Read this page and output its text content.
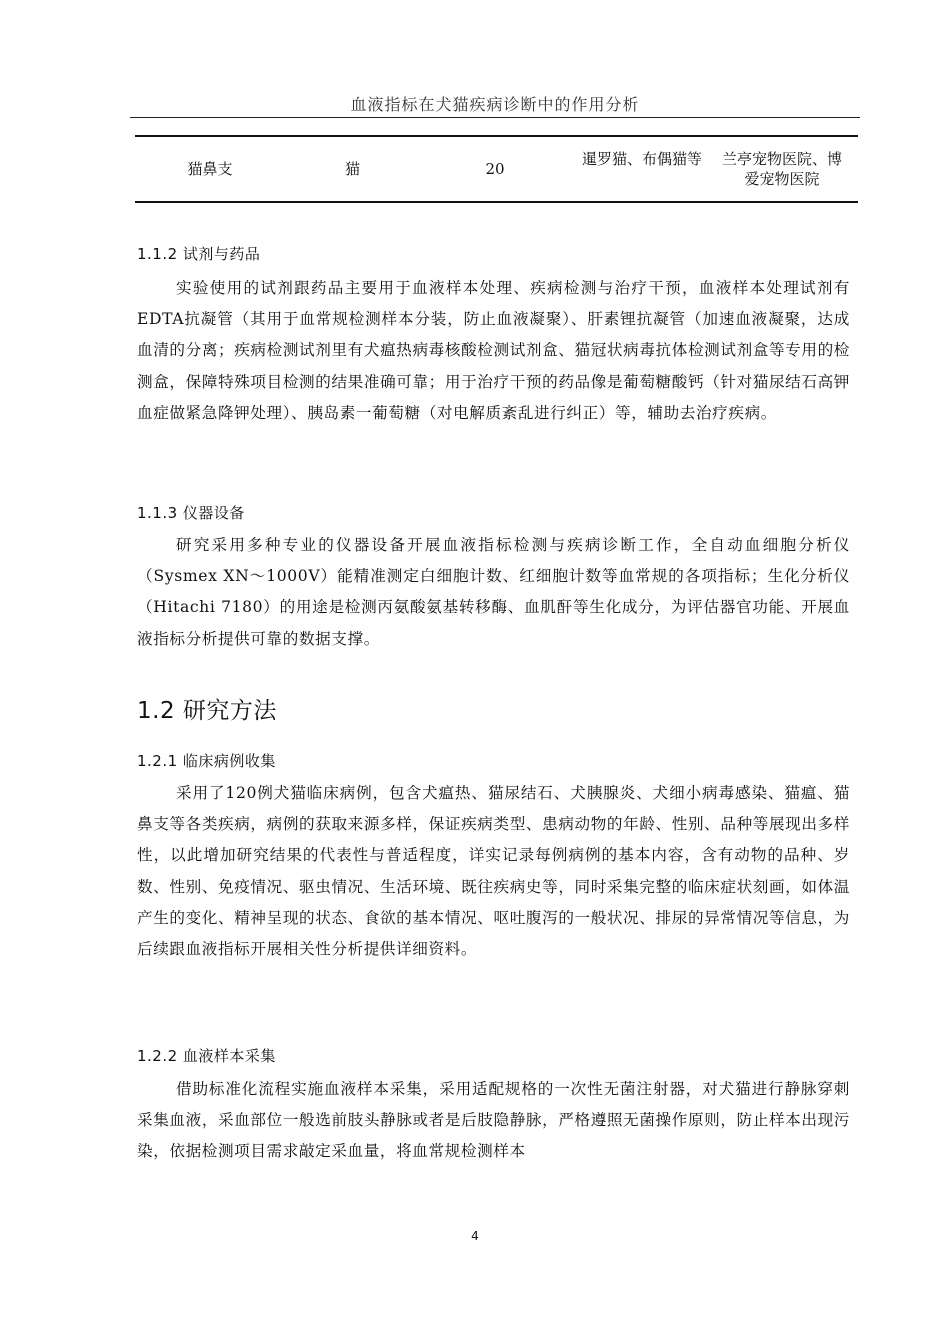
血液指标在犬猫疾病诊断中的作用分析
猫鼻支	猫	20
暹罗猫、布偶猫等 兰亭宠物医院、博爱宠物医院
1.1.2 试剂与药品
实验使用的试剂跟药品主要用于血液样本处理、疾病检测与治疗干预，血液样本处理试剂有EDTA抗凝管（其用于血常规检测样本分装，防止血液凝聚）、肝素锂抗凝管（加速血液凝聚，达成血清的分离；疾病检测试剂里有犬瘟热病毒核酸检测试剂盒、猫冠状病毒抗体检测试剂盒等专用的检测盒，保障特殊项目检测的结果准确可靠；用于治疗干预的药品像是葡萄糖酸钙（针对猫尿结石高钾血症做紧急降钾处理）、胰岛素一葡萄糖（对电解质紊乱进行纠正）等，辅助去治疗疾病。
1.1.3 仪器设备
研究采用多种专业的仪器设备开展血液指标检测与疾病诊断工作，全自动血细胞分析仪（Sysmex XN～1000V）能精准测定白细胞计数、红细胞计数等血常规的各项指标；生化分析仪（Hitachi 7180）的用途是检测丙氨酸氨基转移酶、血肌酐等生化成分，为评估器官功能、开展血液指标分析提供可靠的数据支撑。
1.2 研究方法
1.2.1 临床病例收集
采用了120例犬猫临床病例，包含犬瘟热、猫尿结石、犬胰腺炎、犬细小病毒感染、猫瘟、猫鼻支等各类疾病，病例的获取来源多样，保证疾病类型、患病动物的年龄、性别、品种等展现出多样性，以此增加研究结果的代表性与普适程度，详实记录每例病例的基本内容，含有动物的品种、岁数、性别、免疫情况、驱虫情况、生活环境、既往疾病史等，同时采集完整的临床症状刻画，如体温产生的变化、精神呈现的状态、食欲的基本情况、呕吐腹泻的一般状况、排尿的异常情况等信息，为后续跟血液指标开展相关性分析提供详细资料。
1.2.2 血液样本采集
借助标准化流程实施血液样本采集，采用适配规格的一次性无菌注射器，对犬猫进行静脉穿刺采集血液，采血部位一般选前肢头静脉或者是后肢隐静脉，严格遵照无菌操作原则，防止样本出现污染，依据检测项目需求敲定采血量，将血常规检测样本
4
